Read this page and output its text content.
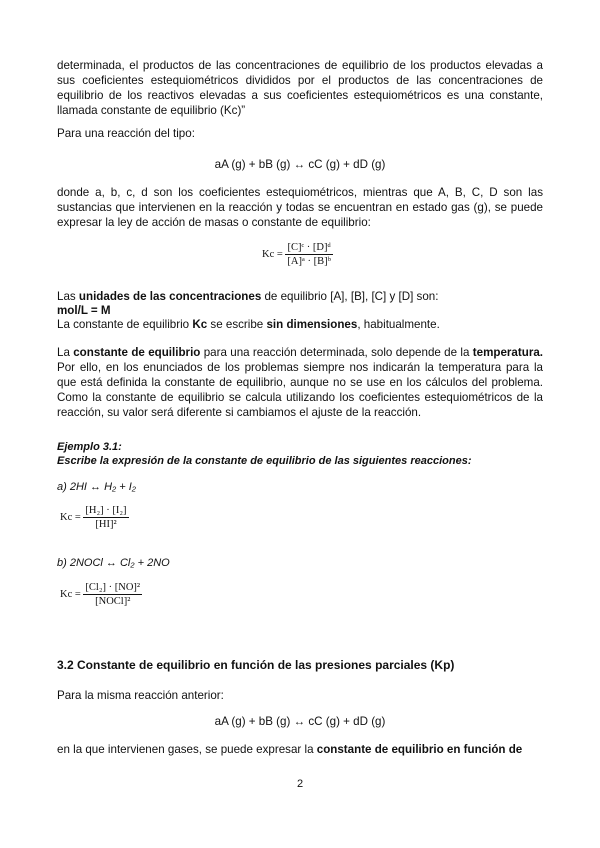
determinada, el productos de las concentraciones de equilibrio de los productos elevadas a sus coeficientes estequiométricos divididos por el productos de las concentraciones de equilibrio de los reactivos elevadas a sus coeficientes estequiométricos es una constante, llamada constante de equilibrio (Kc)”

Para una reacción del tipo:

aA (g) + bB (g) ↔ cC (g) + dD (g)

donde a, b, c, d son los coeficientes estequiométricos, mientras que A, B, C, D son las sustancias que intervienen en la reacción y todas se encuentran en estado gas (g), se puede expresar la ley de acción de masas o constante de equilibrio:

$Kc = \frac{\text{[C]ᶜ · [D]ᵈ}}{\text{[A]ᵃ · [B]ᵇ}}$

Las unidades de las concentraciones de equilibrio [A], [B], [C] y [D] son:

mol/L = M

La constante de equilibrio Kc se escribe sin dimensiones, habitualmente.

La constante de equilibrio para una reacción determinada, solo depende de la temperatura. Por ello, en los enunciados de los problemas siempre nos indicarán la temperatura para la que está definida la constante de equilibrio, aunque no se use en los cálculos del problema. Como la constante de equilibrio se calcula utilizando los coeficientes estequiométricos de la reacción, su valor será diferente si cambiamos el ajuste de la reacción.

Ejemplo 3.1:

Escribe la expresión de la constante de equilibrio de las siguientes reacciones:

a) 2HI ↔ H₂ + I₂

$Kc = \frac{\text{[H₂] · [I₂]}}{\text{[HI]²}}$

b) 2NOCl ↔ Cl₂ + 2NO

$Kc = \frac{\text{[Cl₂] · [NO]²}}{\text{[NOCl]²}}$

3.2 Constante de equilibrio en función de las presiones parciales (Kp)

Para la misma reacción anterior:

aA (g) + bB (g) ↔ cC (g) + dD (g)

en la que intervienen gases, se puede expresar la constante de equilibrio en función de

2
